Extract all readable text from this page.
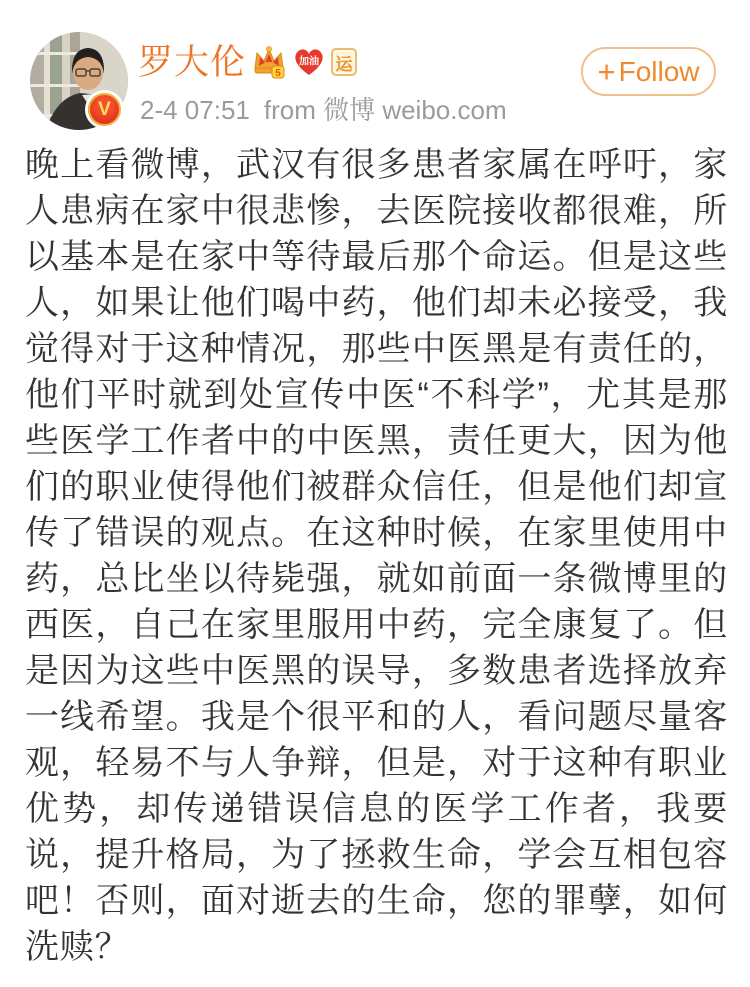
V
罗大伦	5
加油 运
2-4 07:51 from 微博 weibo.com
+ Follow
晚上看微博，武汉有很多患者家属在呼吁，家人患病在家中很悲惨，去医院接收都很难，所以基本是在家中等待最后那个命运。但是这些人，如果让他们喝中药，他们却未必接受，我觉得对于这种情况，那些中医黑是有责任的，他们平时就到处宣传中医“不科学”，尤其是那些医学工作者中的中医黑，责任更大，因为他们的职业使得他们被群众信任，但是他们却宣传了错误的观点。在这种时候，在家里使用中药，总比坐以待毙强，就如前面一条微博里的西医，自己在家里服用中药，完全康复了。但是因为这些中医黑的误导，多数患者选择放弃一线希望。我是个很平和的人，看问题尽量客观，轻易不与人争辩，但是，对于这种有职业优势，却传递错误信息的医学工作者，我要说，提升格局，为了拯救生命，学会互相包容吧！否则，面对逝去的生命，您的罪孽，如何洗赎？
